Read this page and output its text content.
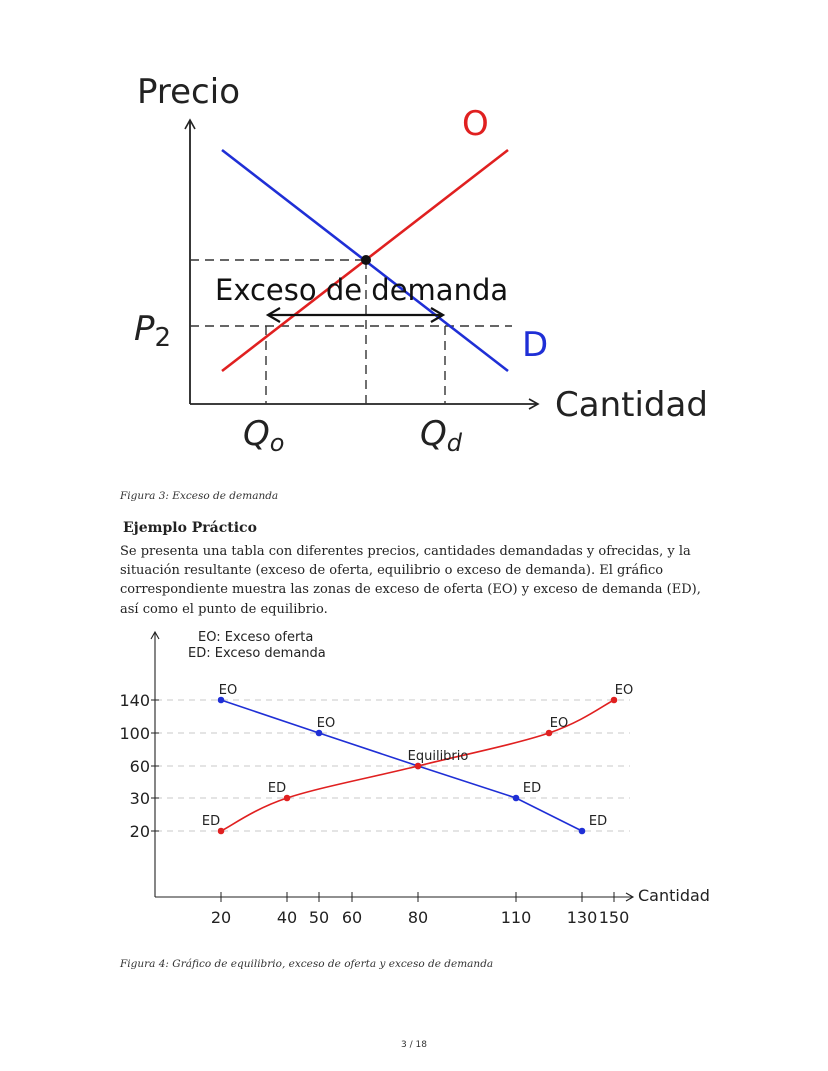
Precio
Cantidad
O
D
Exceso de demanda
P2
Qo	Qd
Figura 3: Exceso de demanda
Ejemplo Práctico
Se presenta una tabla con diferentes precios, cantidades demandadas y ofrecidas, y la situación resultante (exceso de oferta, equilibrio o exceso de demanda). El gráfico correspondiente muestra las zonas de exceso de oferta (EO) y exceso de demanda (ED), así como el punto de equilibrio.
140
100
60
30
20
20	40 50 60	80	110 130 150
EO
EO
Equilibrio
ED
ED
ED
ED
EO
EO
EO: Exceso oferta
ED: Exceso demanda
Cantidad
Figura 4: Gráfico de equilibrio, exceso de oferta y exceso de demanda
3 / 18
